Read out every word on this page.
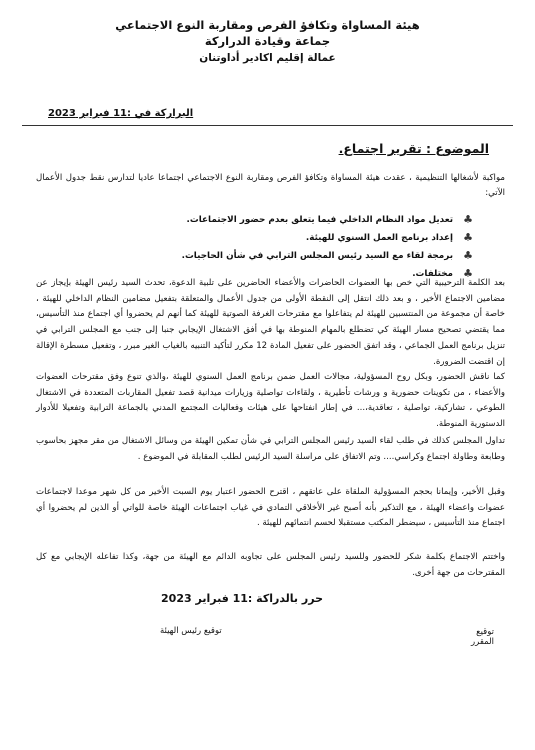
هيئة المساواة وتكافؤ الفرص ومقاربة النوع الاجتماعي
جماعة وقيادة الدراركة
عمالة إقليم اكادير أداوتنان
البراركة في :11 فبراير 2023
الموضوع : تقرير اجتماع.
مواكبة لأشغالها التنظيمية ، عقدت هيئة المساواة وتكافؤ الفرص ومقاربة النوع الاجتماعي اجتماعا عاديا لتدارس نقط جدول الأعمال الآتي:
♣
تعديل مواد النظام الداخلي فيما يتعلق بعدم حضور الاجتماعات.
♣
إعداد برنامج العمل السنوي للهيئة.
♣
برمجة لقاء مع السيد رئيس المجلس الترابي في شأن الحاجيات.
♣
مختلفات.

بعد الكلمة الترحيبية التي خص بها العضوات الحاضرات والأعضاء الحاضرين على تلبية الدعوة، تحدث السيد رئيس الهيئة بإيجاز عن مضامين الاجتماع الأخير ، و بعد ذلك انتقل إلى النقطة الأولى من جدول الأعمال والمتعلقة بتفعيل مضامين النظام الداخلي للهيئة ، خاصة أن مجموعة من المنتسبين للهيئة لم يتفاعلوا مع مقترحات الغرفة الصوتية للهيئة كما أنهم لم يحضروا أي اجتماع منذ التأسيس، مما يقتضي تصحيح مسار الهيئة كي تضطلع بالمهام المنوطة بها في أفق الاشتغال الإيجابي جنبا إلى جنب مع المجلس الترابي في تنزيل برنامج العمل الجماعي ، وقد اتفق الحضور على تفعيل المادة 12 مكرر لتأكيد التنبيه بالغياب الغير مبرر ، وتفعيل مسطرة الإقالة إن اقتضت الضرورة.

كما ناقش الحضور، وبكل روح المسؤولية، مجالات العمل ضمن برنامج العمل السنوي للهيئة ،والذي تنوع وفق مقترحات العضوات والأعضاء ، من تكوينات حضورية و ورشات تأطيرية ، ولقاءات تواصلية وزيارات ميدانية قصد تفعيل المقاربات المتعددة في الاشتغال الطوعي ، تشاركية، تواصلية ، تعاقدية،... في إطار انفتاحها على هيئات وفعاليات المجتمع المدني بالجماعة الترابية وتفعيلا للأدوار الدستورية المنوطة.

تداول المجلس كذلك في طلب لقاء السيد رئيس المجلس الترابي في شأن تمكين الهيئة من وسائل الاشتغال من مقر مجهز بحاسوب وطابعة وطاولة اجتماع وكراسي.... وتم الاتفاق على مراسلة السيد الرئيس لطلب المقابلة في الموضوع .

وقبل الأخير، وإيمانا بحجم المسؤولية الملقاة على عاتقهم ، اقترح الحضور اعتبار يوم السبت الأخير من كل شهر موعدا لاجتماعات عضوات واعضاء الهيئة ، مع التذكير بأنه أصبح غير الأخلاقي التمادي في غياب اجتماعات الهيئة خاصة للواتي أو الذين لم يحضروا أي اجتماع منذ التأسيس ، سيضطر المكتب مستقبلا لحسم انتمائهم للهيئة .

واختتم الاجتماع بكلمة شكر للحضور وللسيد رئيس المجلس على تجاوبه الدائم مع الهيئة من جهة، وكذا تفاعله الإيجابي مع كل المقترحات من جهة أخرى.

حرر بالدراكة :11 فبراير 2023
توقيع رئيس الهيئة	توقيع المقرر
